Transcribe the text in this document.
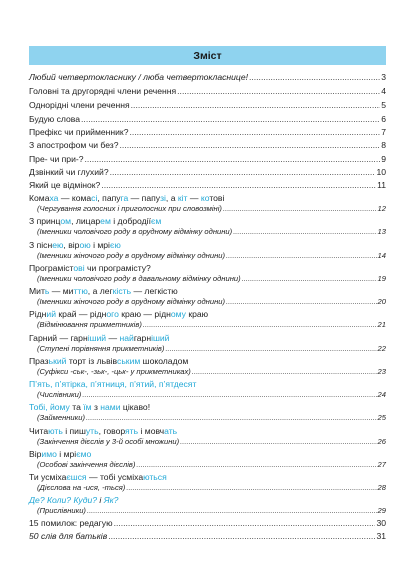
Зміст
Любий четвертокласнику / люба четвертокласнице! .....	3
Головні та другорядні члени речення .....	4
Однорідні члени речення .....	5
Будую слова .....	6
Префікс чи прийменник? .....	7
З апострофом чи без? .....	8
Пре- чи при-? .....	9
Дзвінкий чи глухий? .....	10
Який це відмінок? .....	11
Комаха — комасі, папуга — папузі, а кіт — котові
(Чергування голосних і приголосних при словозміні) .....	12
З принцом, лицарем і добродіїєм
(Іменники чоловічого роду в орудному відмінку однини) .....	13
З піснею, вірою і мрією
(Іменники жіночого роду в орудному відмінку однини) .....	14
Програмістові чи програмісту?
(Іменники чоловічого роду в давальному відмінку однини) .....	19
Мить — миттю, а легкість — легкістю
(Іменники жіночого роду в орудному відмінку однини) .....	20
Рідний край — рідного краю — рідному краю
(Відмінювання прикметників) .....	21
Гарний — гарніший — найгарніший
(Ступені порівняння прикметників) .....	22
Празький торт із львівським шоколадом
(Суфікси -ськ-, -зьк-, -цьк- у прикметниках) .....	23
П’ять, п’ятірка, п’ятниця, п’ятий, п’ятдесят
(Числівники) .....	24
Тобі, йому та їм з нами цікаво!
(Займенники) .....	25
Читають і пишуть, говорять і мовчать
(Закінчення дієслів у 3-й особі множини) .....	26
Віримо і мріємо
(Особові закінчення дієслів) .....	27
Ти усміхаєшся — тобі усміхаються
(Дієслова на -ися, -ться) .....	28
Де? Коли? Куди? і Як?
(Прислівники) .....	29
15 помилок: редагую .....	30
50 слів для батьків .....	31
